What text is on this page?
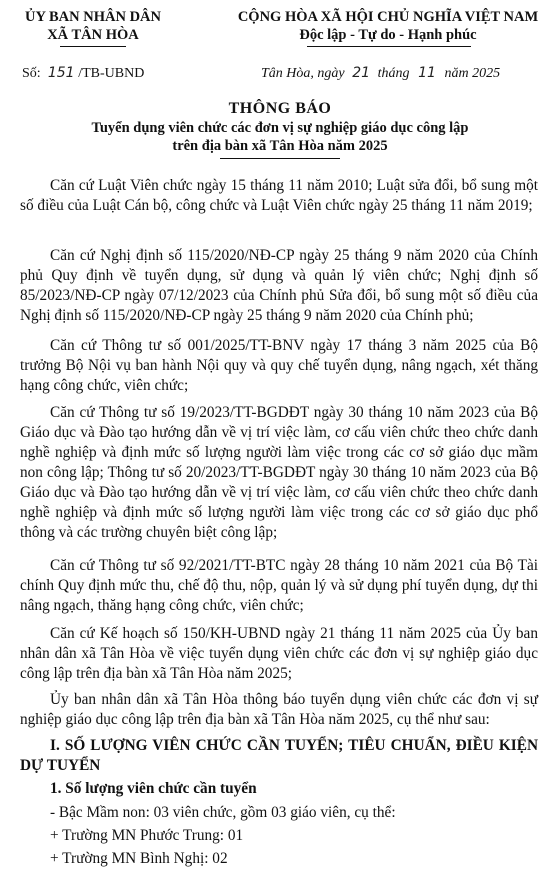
ỦY BAN NHÂN DÂN
XÃ TÂN HÒA
CỘNG HÒA XÃ HỘI CHỦ NGHĨA VIỆT NAM
Độc lập - Tự do - Hạnh phúc
Số: 151 /TB-UBND	Tân Hòa, ngày 21 tháng 11 năm 2025
THÔNG BÁO
Tuyển dụng viên chức các đơn vị sự nghiệp giáo dục công lập
trên địa bàn xã Tân Hòa năm 2025
Căn cứ Luật Viên chức ngày 15 tháng 11 năm 2010; Luật sửa đổi, bổ sung một số điều của Luật Cán bộ, công chức và Luật Viên chức ngày 25 tháng 11 năm 2019;
Căn cứ Nghị định số 115/2020/NĐ-CP ngày 25 tháng 9 năm 2020 của Chính phủ Quy định về tuyển dụng, sử dụng và quản lý viên chức; Nghị định số 85/2023/NĐ-CP ngày 07/12/2023 của Chính phủ Sửa đổi, bổ sung một số điều của Nghị định số 115/2020/NĐ-CP ngày 25 tháng 9 năm 2020 của Chính phủ;
Căn cứ Thông tư số 001/2025/TT-BNV ngày 17 tháng 3 năm 2025 của Bộ trưởng Bộ Nội vụ ban hành Nội quy và quy chế tuyển dụng, nâng ngạch, xét thăng hạng công chức, viên chức;
Căn cứ Thông tư số 19/2023/TT-BGDĐT ngày 30 tháng 10 năm 2023 của Bộ Giáo dục và Đào tạo hướng dẫn về vị trí việc làm, cơ cấu viên chức theo chức danh nghề nghiệp và định mức số lượng người làm việc trong các cơ sở giáo dục mầm non công lập; Thông tư số 20/2023/TT-BGDĐT ngày 30 tháng 10 năm 2023 của Bộ Giáo dục và Đào tạo hướng dẫn về vị trí việc làm, cơ cấu viên chức theo chức danh nghề nghiệp và định mức số lượng người làm việc trong các cơ sở giáo dục phổ thông và các trường chuyên biệt công lập;
Căn cứ Thông tư số 92/2021/TT-BTC ngày 28 tháng 10 năm 2021 của Bộ Tài chính Quy định mức thu, chế độ thu, nộp, quản lý và sử dụng phí tuyển dụng, dự thi nâng ngạch, thăng hạng công chức, viên chức;
Căn cứ Kế hoạch số 150/KH-UBND ngày 21 tháng 11 năm 2025 của Ủy ban nhân dân xã Tân Hòa về việc tuyển dụng viên chức các đơn vị sự nghiệp giáo dục công lập trên địa bàn xã Tân Hòa năm 2025;
Ủy ban nhân dân xã Tân Hòa thông báo tuyển dụng viên chức các đơn vị sự nghiệp giáo dục công lập trên địa bàn xã Tân Hòa năm 2025, cụ thể như sau:
I. SỐ LƯỢNG VIÊN CHỨC CẦN TUYỂN; TIÊU CHUẨN, ĐIỀU KIỆN DỰ TUYỂN
1. Số lượng viên chức cần tuyển
- Bậc Mầm non: 03 viên chức, gồm 03 giáo viên, cụ thể:
+ Trường MN Phước Trung: 01
+ Trường MN Bình Nghị: 02
